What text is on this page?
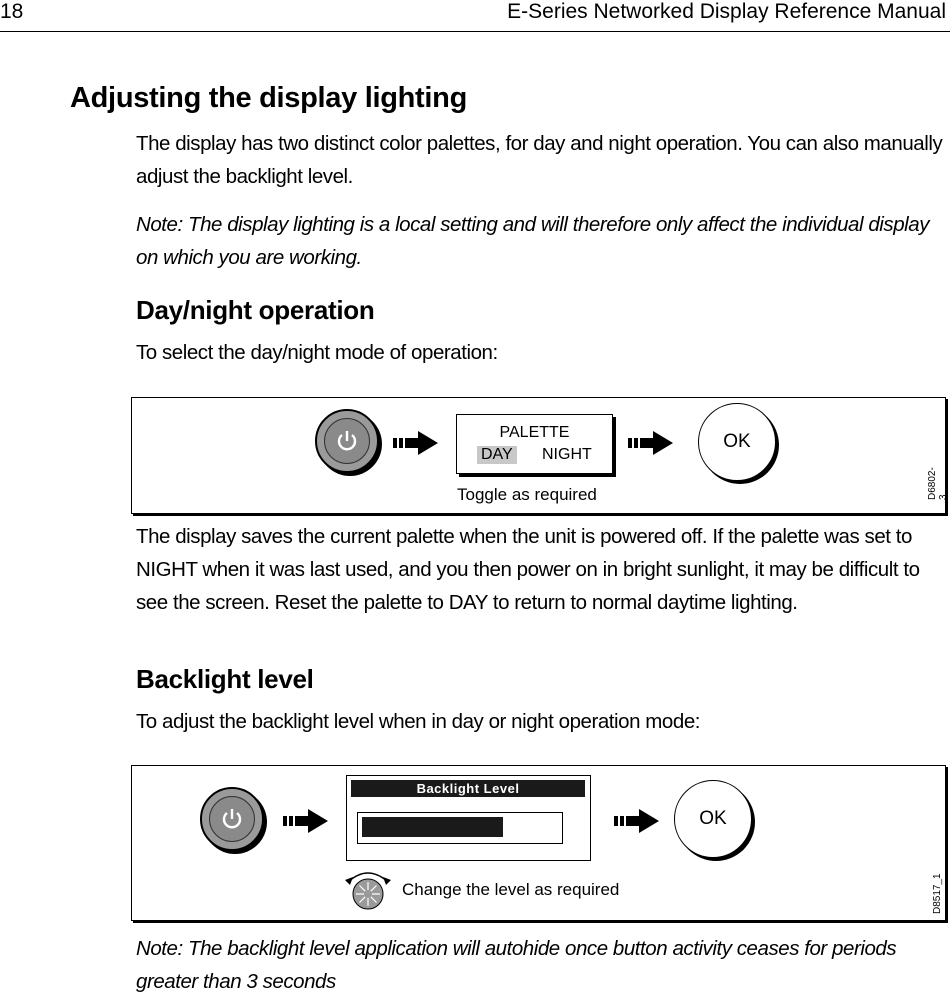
18	E-Series Networked Display Reference Manual
Adjusting the display lighting

The display has two distinct color palettes, for day and night operation. You can also manually adjust the backlight level.

Note: The display lighting is a local setting and will therefore only affect the individual display on which you are working.

Day/night operation

To select the day/night mode of operation:

PALETTE
DAY NIGHT
OK
Toggle as required	D6802-3

The display saves the current palette when the unit is powered off. If the palette was set to NIGHT when it was last used, and you then power on in bright sunlight, it may be difficult to see the screen. Reset the palette to DAY to return to normal daytime lighting.

Backlight level

To adjust the backlight level when in day or night operation mode:

Backlight Level
OK
Change the level as required	D8517_1

Note: The backlight level application will autohide once button activity ceases for periods greater than 3 seconds
